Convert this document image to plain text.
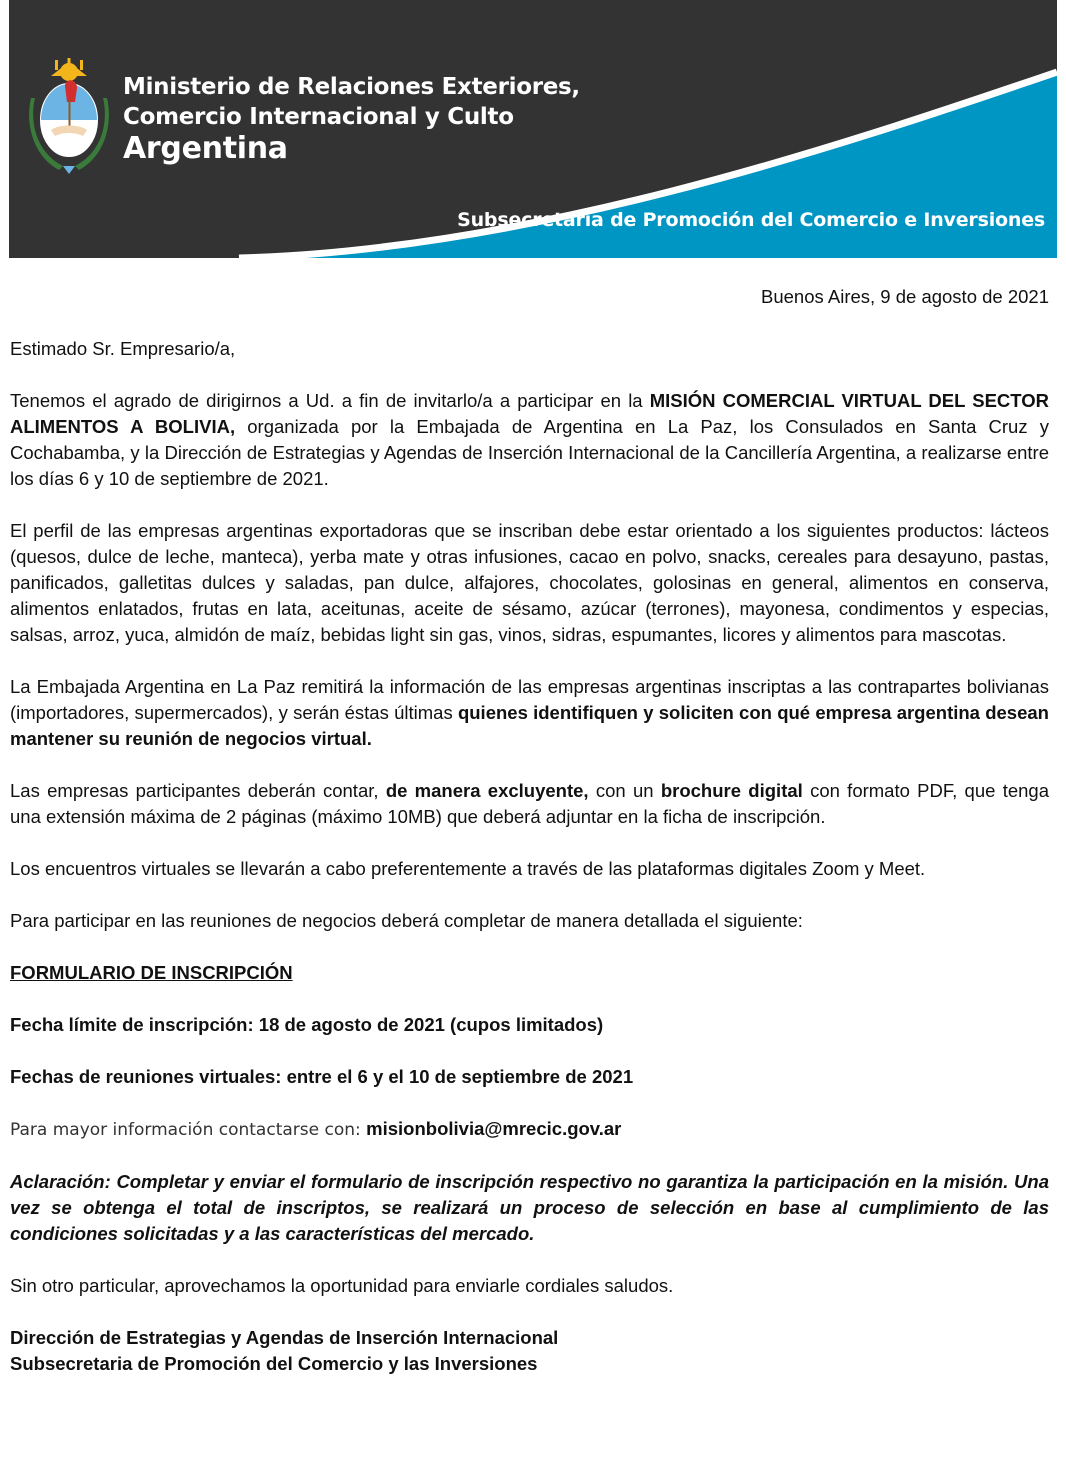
Ministerio de Relaciones Exteriores,
Comercio Internacional y Culto
Argentina
Subsecretaría de Promoción del Comercio e Inversiones

Buenos Aires, 9 de agosto de 2021

Estimado Sr. Empresario/a,

Tenemos el agrado de dirigirnos a Ud. a fin de invitarlo/a a participar en la MISIÓN COMERCIAL VIRTUAL DEL SECTOR ALIMENTOS A BOLIVIA, organizada por la Embajada de Argentina en La Paz, los Consulados en Santa Cruz y Cochabamba, y la Dirección de Estrategias y Agendas de Inserción Internacional de la Cancillería Argentina, a realizarse entre los días 6 y 10 de septiembre de 2021.

El perfil de las empresas argentinas exportadoras que se inscriban debe estar orientado a los siguientes productos: lácteos (quesos, dulce de leche, manteca), yerba mate y otras infusiones, cacao en polvo, snacks, cereales para desayuno, pastas, panificados, galletitas dulces y saladas, pan dulce, alfajores, chocolates, golosinas en general, alimentos en conserva, alimentos enlatados, frutas en lata, aceitunas, aceite de sésamo, azúcar (terrones), mayonesa, condimentos y especias, salsas, arroz, yuca, almidón de maíz, bebidas light sin gas, vinos, sidras, espumantes, licores y alimentos para mascotas.

La Embajada Argentina en La Paz remitirá la información de las empresas argentinas inscriptas a las contrapartes bolivianas (importadores, supermercados), y serán éstas últimas quienes identifiquen y soliciten con qué empresa argentina desean mantener su reunión de negocios virtual.

Las empresas participantes deberán contar, de manera excluyente, con un brochure digital con formato PDF, que tenga una extensión máxima de 2 páginas (máximo 10MB) que deberá adjuntar en la ficha de inscripción.

Los encuentros virtuales se llevarán a cabo preferentemente a través de las plataformas digitales Zoom y Meet.

Para participar en las reuniones de negocios deberá completar de manera detallada el siguiente:

FORMULARIO DE INSCRIPCIÓN

Fecha límite de inscripción: 18 de agosto de 2021 (cupos limitados)

Fechas de reuniones virtuales: entre el 6 y el 10 de septiembre de 2021

Para mayor información contactarse con: misionbolivia@mrecic.gov.ar

Aclaración: Completar y enviar el formulario de inscripción respectivo no garantiza la participación en la misión. Una vez se obtenga el total de inscriptos, se realizará un proceso de selección en base al cumplimiento de las condiciones solicitadas y a las características del mercado.

Sin otro particular, aprovechamos la oportunidad para enviarle cordiales saludos.

Dirección de Estrategias y Agendas de Inserción Internacional

Subsecretaria de Promoción del Comercio y las Inversiones
